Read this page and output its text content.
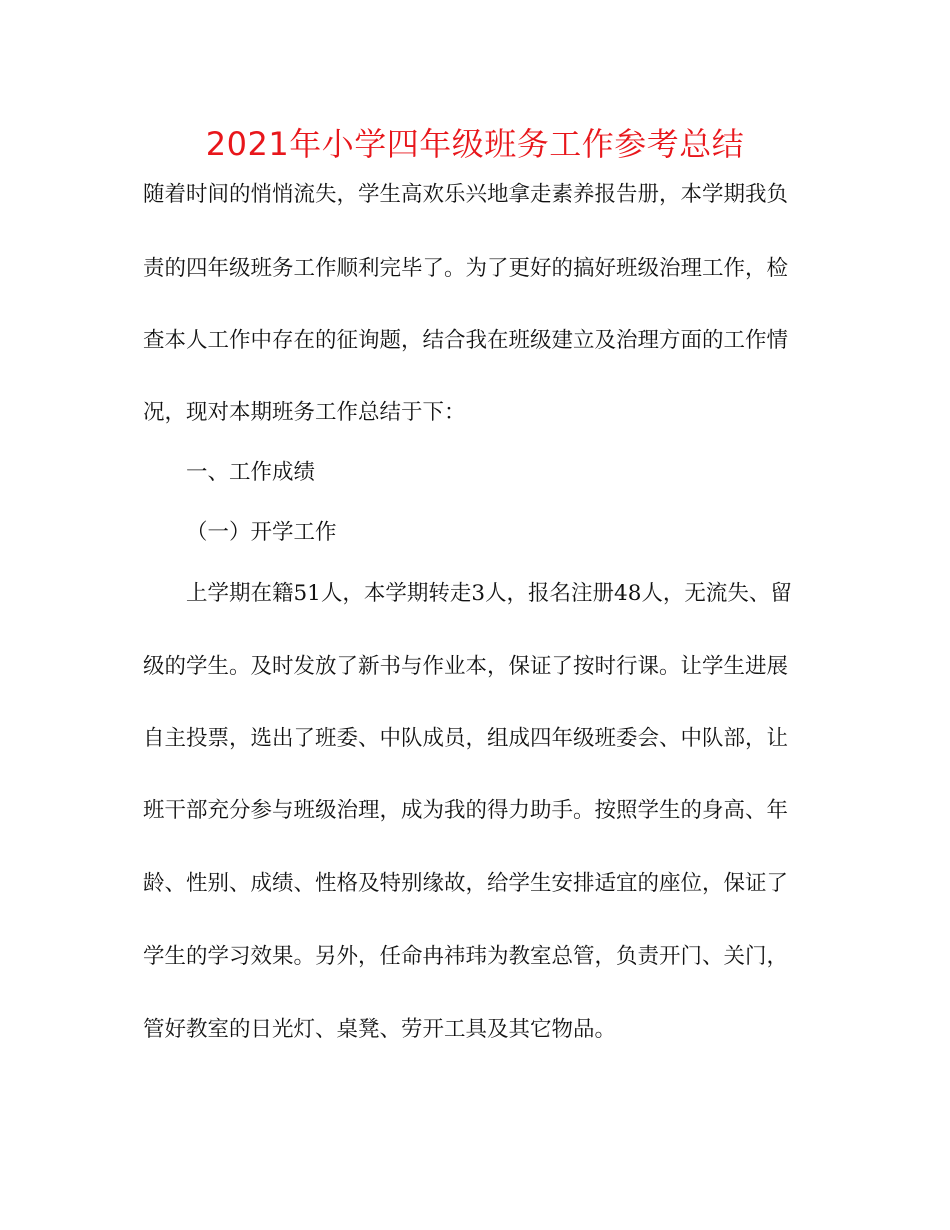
2021年小学四年级班务工作参考总结

随着时间的悄悄流失，学生高欢乐兴地拿走素养报告册，本学期我负

责的四年级班务工作顺利完毕了。为了更好的搞好班级治理工作，检

查本人工作中存在的征询题，结合我在班级建立及治理方面的工作情

况，现对本期班务工作总结于下：

一、工作成绩

（一）开学工作

上学期在籍51人，本学期转走3人，报名注册48人，无流失、留

级的学生。及时发放了新书与作业本，保证了按时行课。让学生进展

自主投票，选出了班委、中队成员，组成四年级班委会、中队部，让

班干部充分参与班级治理，成为我的得力助手。按照学生的身高、年

龄、性别、成绩、性格及特别缘故，给学生安排适宜的座位，保证了

学生的学习效果。另外，任命冉祎玮为教室总管，负责开门、关门，

管好教室的日光灯、桌凳、劳开工具及其它物品。
